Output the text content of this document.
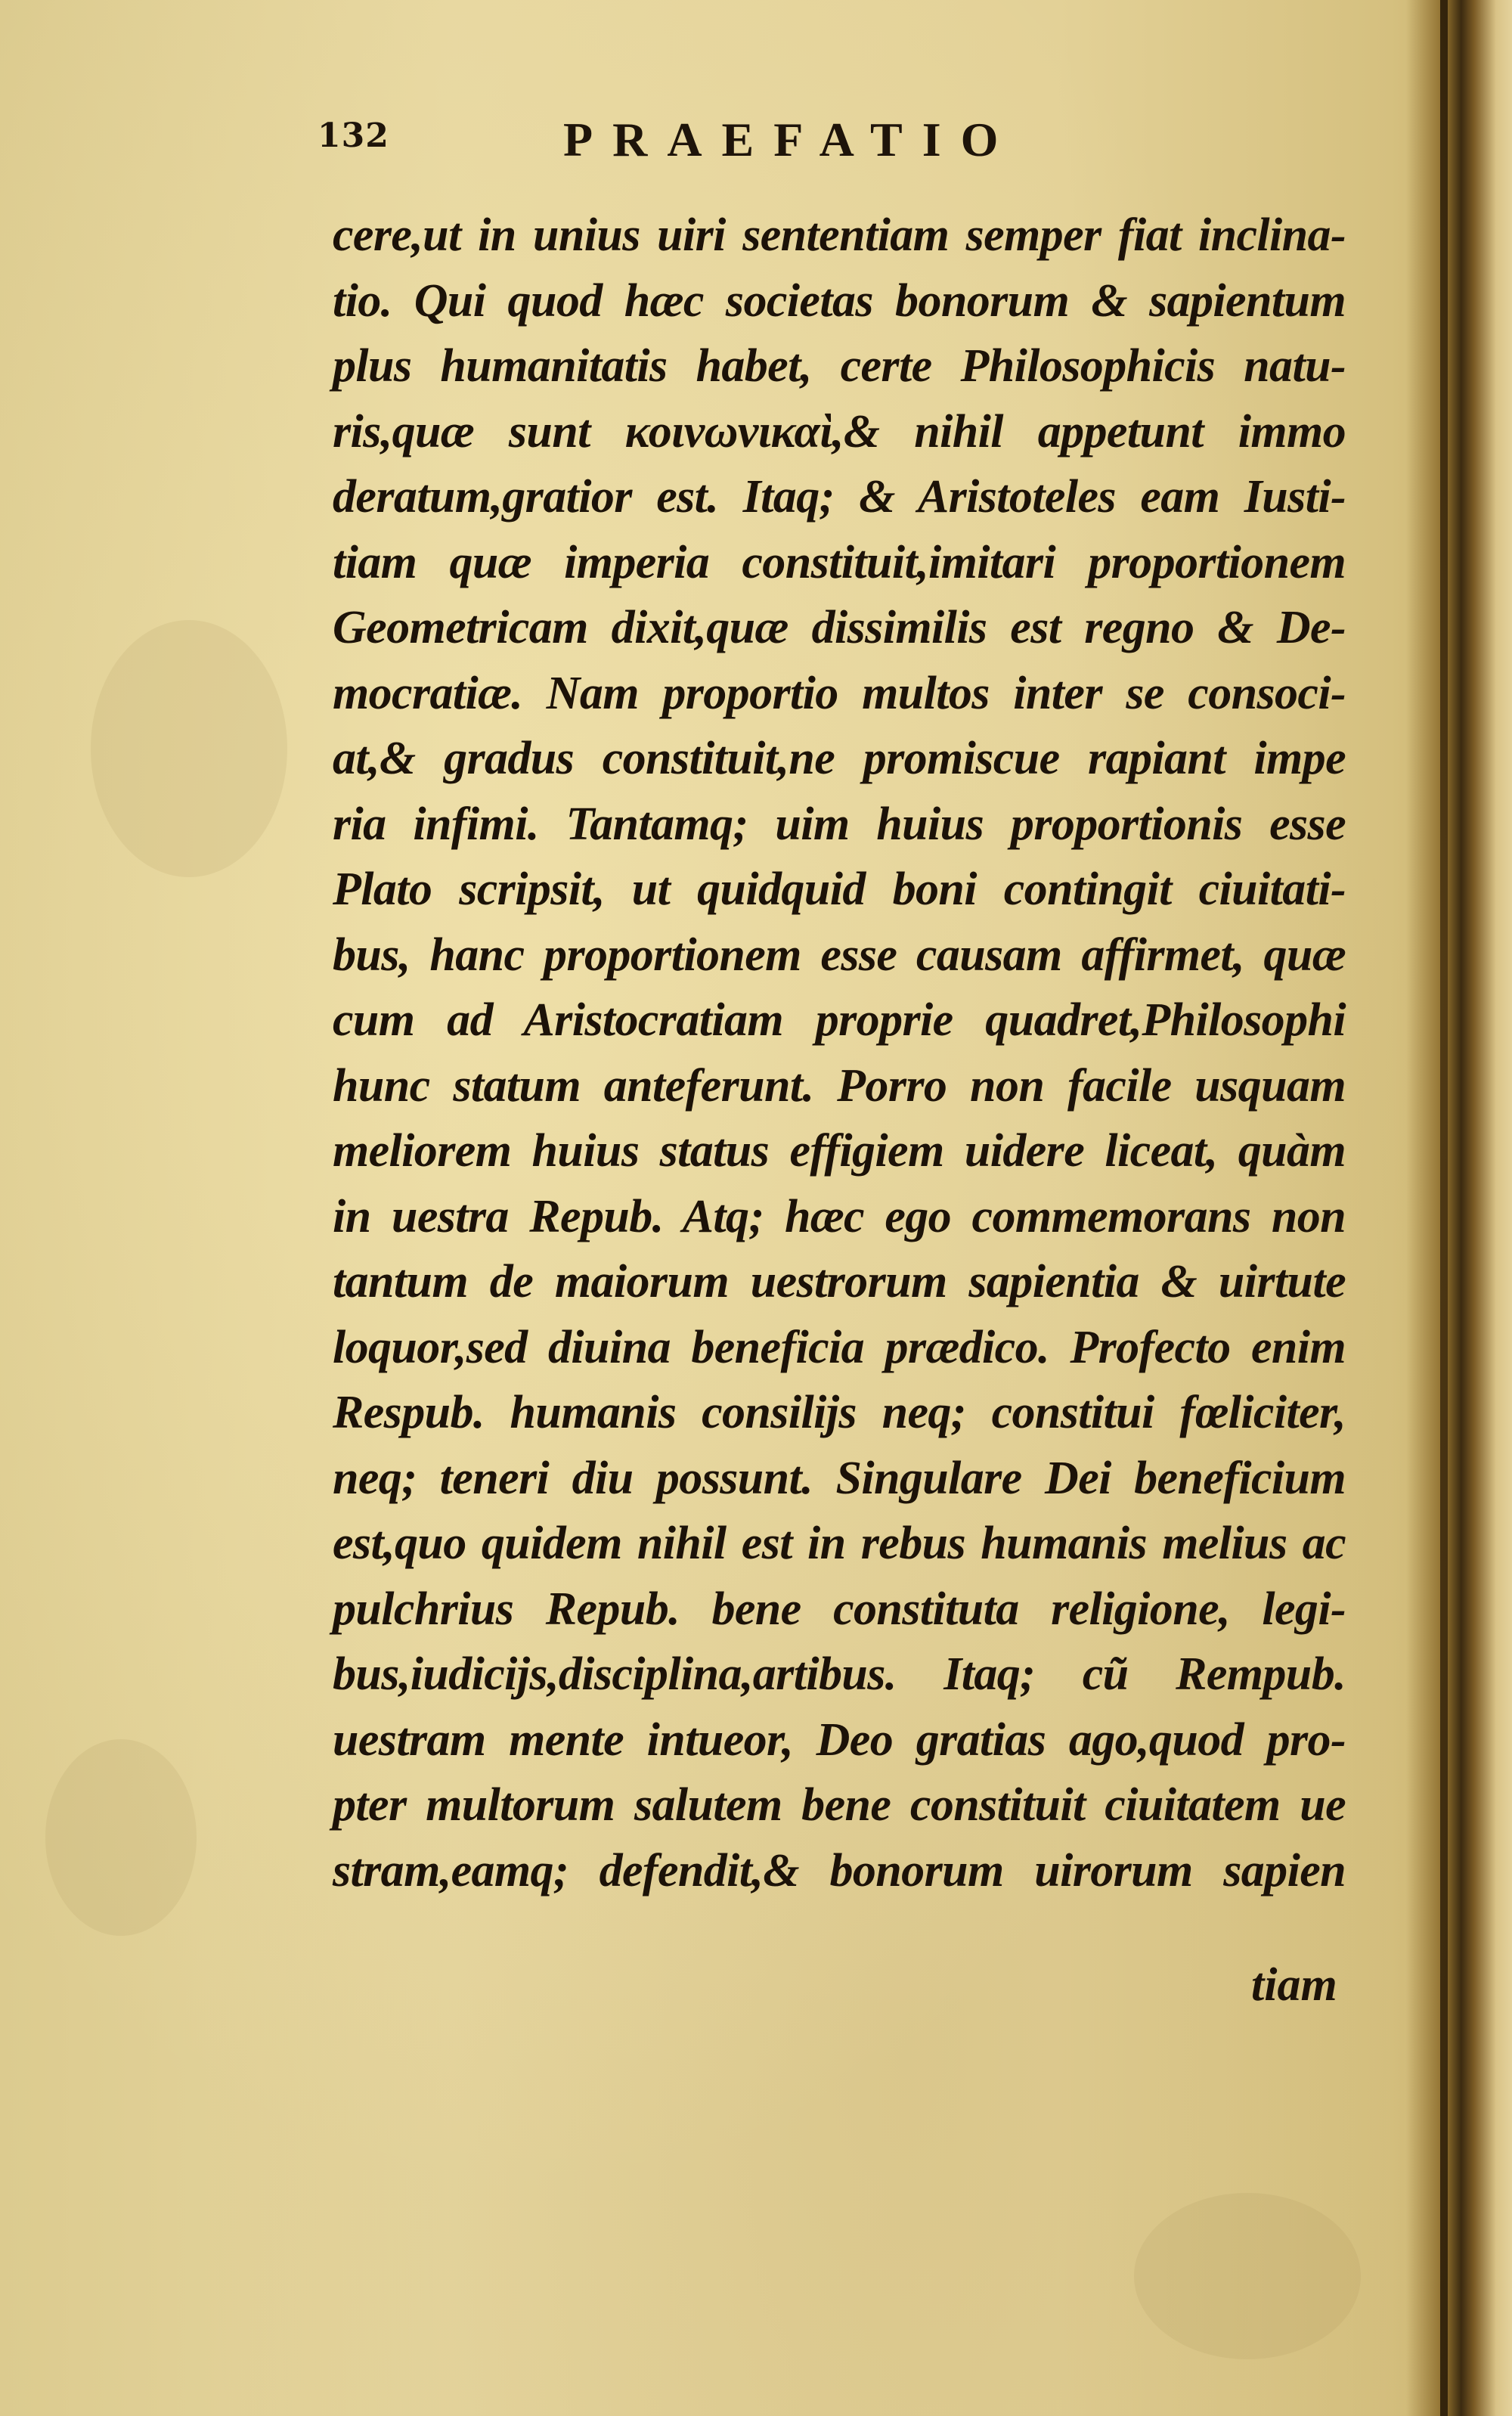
132	PRAEFATIO
cere,ut in unius uiri sententiam semper fiat inclina-
tio. Qui quod hæc societas bonorum & sapientum
plus humanitatis habet, certe Philosophicis natu-
ris,quæ sunt κοινωνικαὶ,& nihil appetunt immo
deratum,gratior est. Itaq; & Aristoteles eam Iusti-
tiam quæ imperia constituit,imitari proportionem
Geometricam dixit,quæ dissimilis est regno & De-
mocratiæ. Nam proportio multos inter se consoci-
at,& gradus constituit,ne promiscue rapiant impe
ria infimi. Tantamq; uim huius proportionis esse
Plato scripsit, ut quidquid boni contingit ciuitati-
bus, hanc proportionem esse causam affirmet, quæ
cum ad Aristocratiam proprie quadret,Philosophi
hunc statum anteferunt. Porro non facile usquam
meliorem huius status effigiem uidere liceat, quàm
in uestra Repub. Atq; hæc ego commemorans non
tantum de maiorum uestrorum sapientia & uirtute
loquor,sed diuina beneficia prædico. Profecto enim
Respub. humanis consilijs neq; constitui fœliciter,
neq; teneri diu possunt. Singulare Dei beneficium
est,quo quidem nihil est in rebus humanis melius ac
pulchrius Repub. bene constituta religione, legi-
bus,iudicijs,disciplina,artibus. Itaq; cũ Rempub.
uestram mente intueor, Deo gratias ago,quod pro-
pter multorum salutem bene constituit ciuitatem ue
stram,eamq; defendit,& bonorum uirorum sapien
tiam
